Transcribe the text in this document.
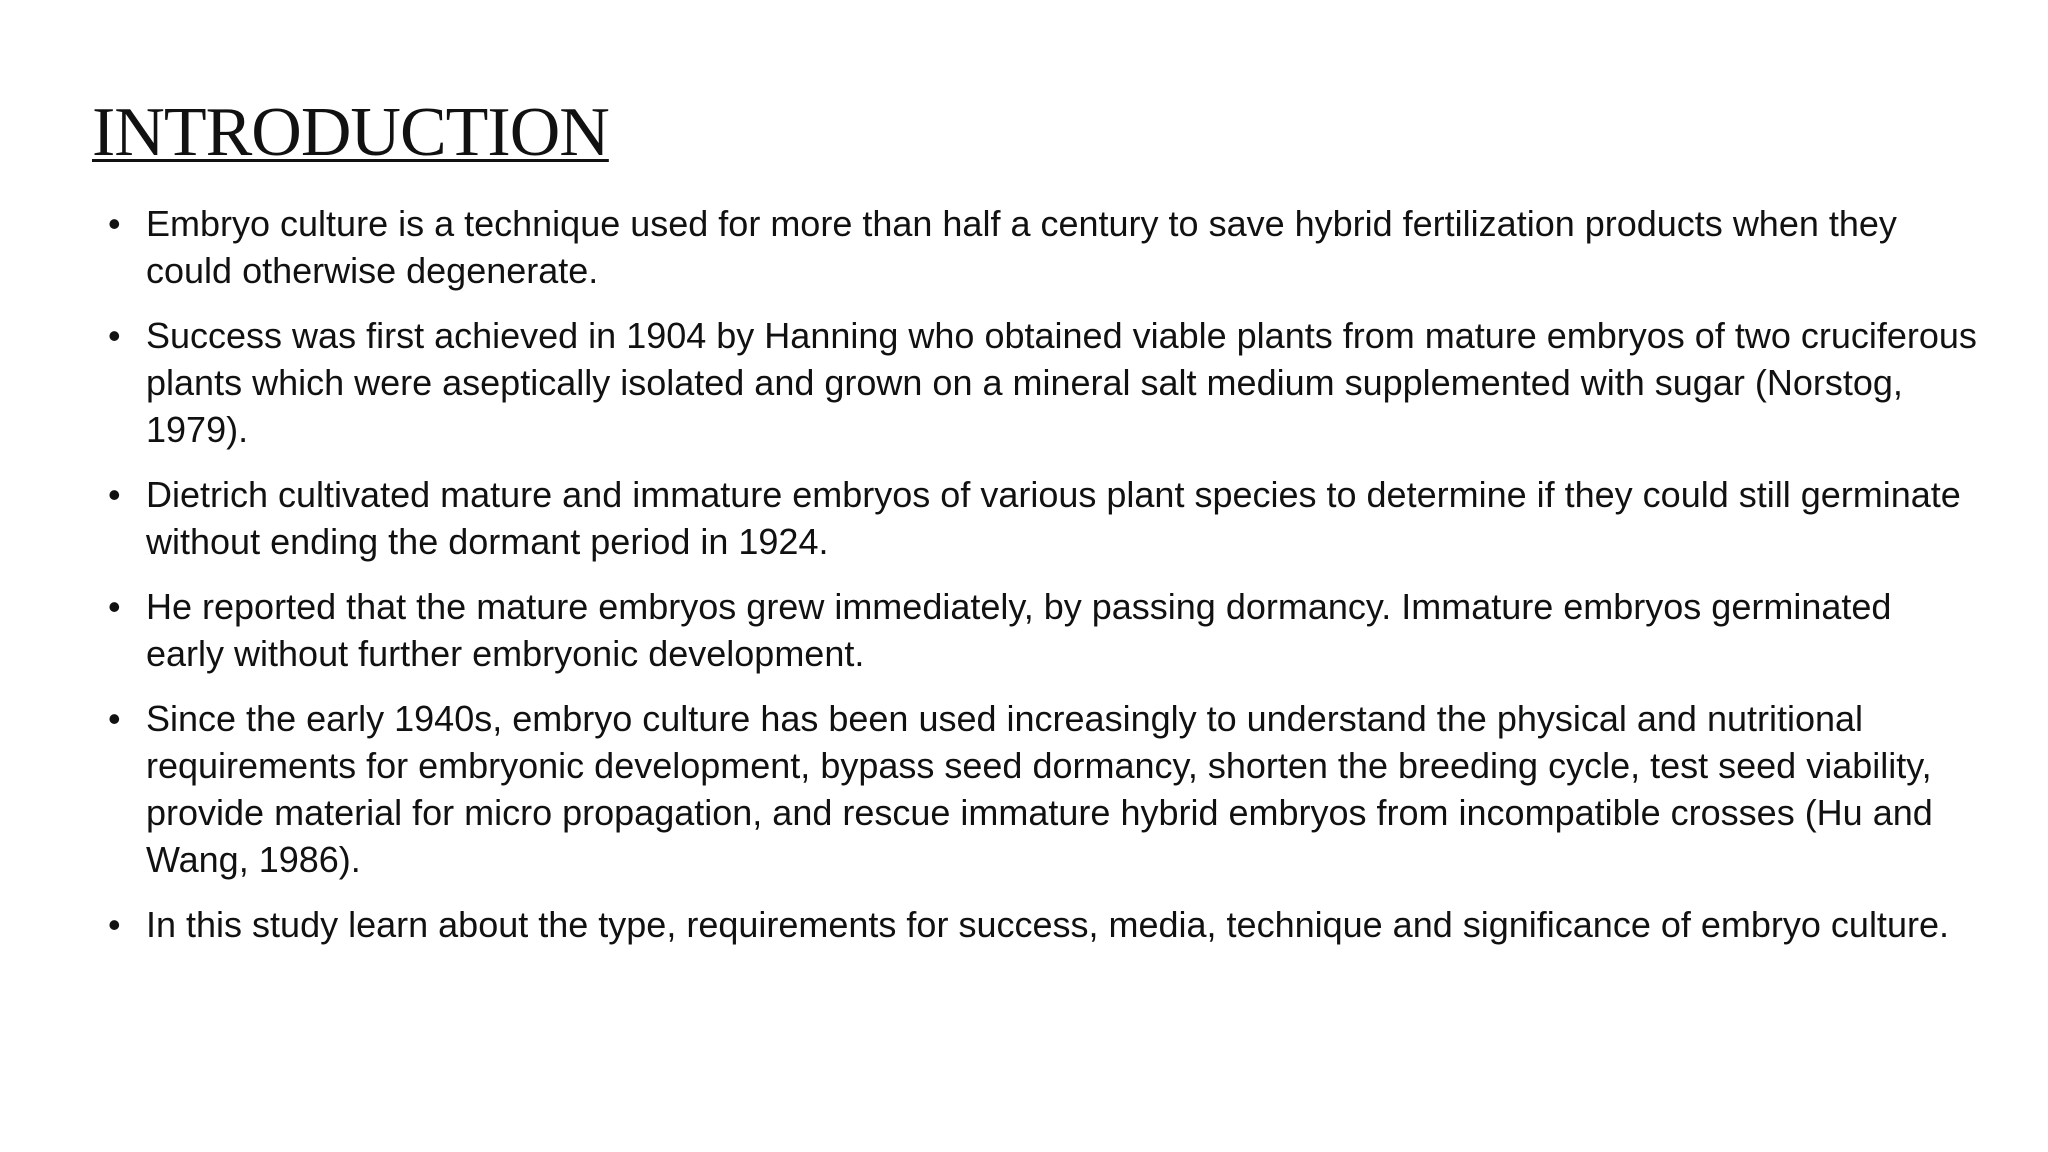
INTRODUCTION
• Embryo culture is a technique used for more than half a century to save hybrid fertilization products when they could otherwise degenerate.
• Success was first achieved in 1904 by Hanning who obtained viable plants from mature embryos of two cruciferous plants which were aseptically isolated and grown on a mineral salt medium supplemented with sugar (Norstog, 1979).
• Dietrich cultivated mature and immature embryos of various plant species to determine if they could still germinate without ending the dormant period in 1924.
• He reported that the mature embryos grew immediately, by passing dormancy. Immature embryos germinated early without further embryonic development.
• Since the early 1940s, embryo culture has been used increasingly to understand the physical and nutritional requirements for embryonic development, bypass seed dormancy, shorten the breeding cycle, test seed viability, provide material for micro propagation, and rescue immature hybrid embryos from incompatible crosses (Hu and Wang, 1986).
• In this study learn about the type, requirements for success, media, technique and significance of embryo culture.
